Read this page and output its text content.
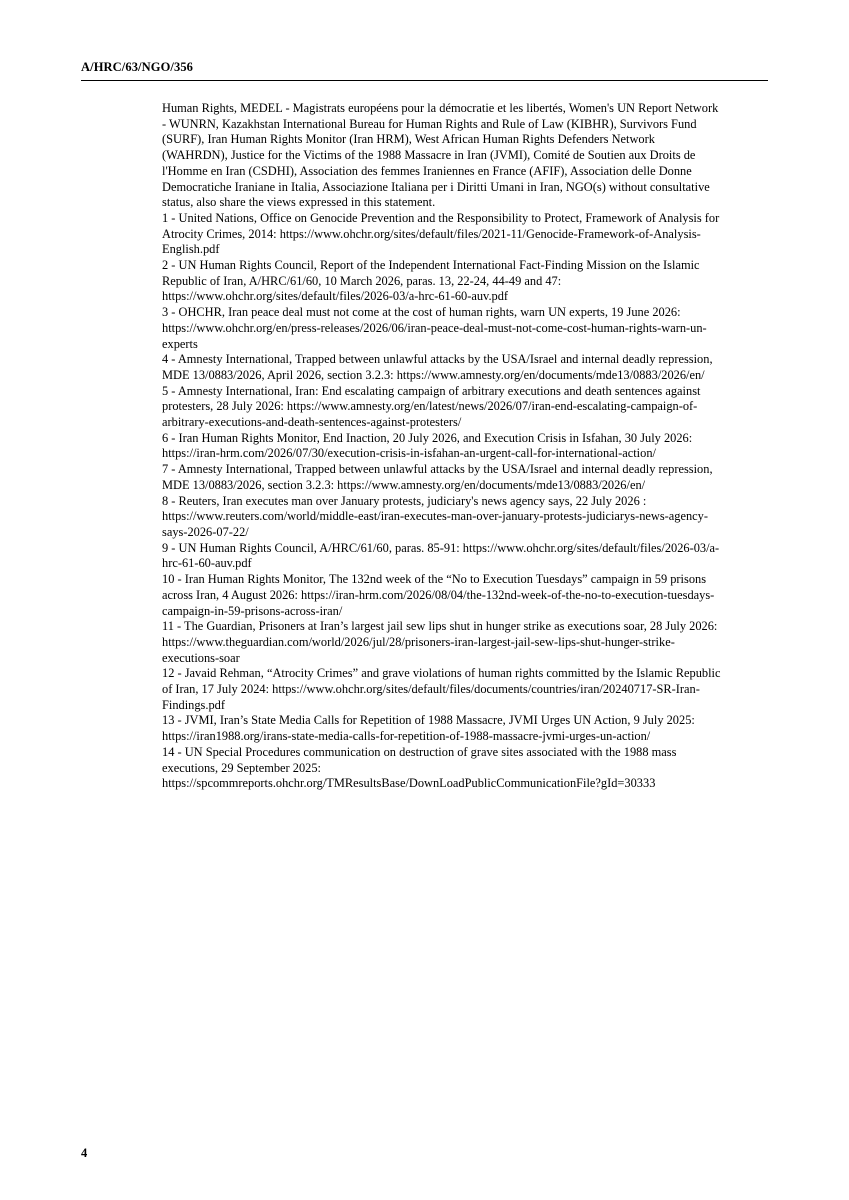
A/HRC/63/NGO/356

Human Rights, MEDEL - Magistrats européens pour la démocratie et les libertés, Women's UN Report Network - WUNRN, Kazakhstan International Bureau for Human Rights and Rule of Law (KIBHR), Survivors Fund (SURF), Iran Human Rights Monitor (Iran HRM), West African Human Rights Defenders Network (WAHRDN), Justice for the Victims of the 1988 Massacre in Iran (JVMI), Comité de Soutien aux Droits de l'Homme en Iran (CSDHI), Association des femmes Iraniennes en France (AFIF), Association delle Donne Democratiche Iraniane in Italia, Associazione Italiana per i Diritti Umani in Iran, NGO(s) without consultative status, also share the views expressed in this statement.

1 - United Nations, Office on Genocide Prevention and the Responsibility to Protect, Framework of Analysis for Atrocity Crimes, 2014: https://www.ohchr.org/sites/default/files/2021-11/Genocide-Framework-of-Analysis-English.pdf

2 - UN Human Rights Council, Report of the Independent International Fact-Finding Mission on the Islamic Republic of Iran, A/HRC/61/60, 10 March 2026, paras. 13, 22-24, 44-49 and 47: https://www.ohchr.org/sites/default/files/2026-03/a-hrc-61-60-auv.pdf

3 - OHCHR, Iran peace deal must not come at the cost of human rights, warn UN experts, 19 June 2026: https://www.ohchr.org/en/press-releases/2026/06/iran-peace-deal-must-not-come-cost-human-rights-warn-un-experts

4 - Amnesty International, Trapped between unlawful attacks by the USA/Israel and internal deadly repression, MDE 13/0883/2026, April 2026, section 3.2.3: https://www.amnesty.org/en/documents/mde13/0883/2026/en/

5 - Amnesty International, Iran: End escalating campaign of arbitrary executions and death sentences against protesters, 28 July 2026: https://www.amnesty.org/en/latest/news/2026/07/iran-end-escalating-campaign-of-arbitrary-executions-and-death-sentences-against-protesters/

6 - Iran Human Rights Monitor, End Inaction, 20 July 2026, and Execution Crisis in Isfahan, 30 July 2026: https://iran-hrm.com/2026/07/30/execution-crisis-in-isfahan-an-urgent-call-for-international-action/

7 - Amnesty International, Trapped between unlawful attacks by the USA/Israel and internal deadly repression, MDE 13/0883/2026, section 3.2.3: https://www.amnesty.org/en/documents/mde13/0883/2026/en/

8 - Reuters, Iran executes man over January protests, judiciary's news agency says, 22 July 2026 : https://www.reuters.com/world/middle-east/iran-executes-man-over-january-protests-judiciarys-news-agency-says-2026-07-22/

9 - UN Human Rights Council, A/HRC/61/60, paras. 85-91: https://www.ohchr.org/sites/default/files/2026-03/a-hrc-61-60-auv.pdf

10 - Iran Human Rights Monitor, The 132nd week of the “No to Execution Tuesdays” campaign in 59 prisons across Iran, 4 August 2026: https://iran-hrm.com/2026/08/04/the-132nd-week-of-the-no-to-execution-tuesdays-campaign-in-59-prisons-across-iran/

11 - The Guardian, Prisoners at Iran’s largest jail sew lips shut in hunger strike as executions soar, 28 July 2026: https://www.theguardian.com/world/2026/jul/28/prisoners-iran-largest-jail-sew-lips-shut-hunger-strike-executions-soar

12 - Javaid Rehman, “Atrocity Crimes” and grave violations of human rights committed by the Islamic Republic of Iran, 17 July 2024: https://www.ohchr.org/sites/default/files/documents/countries/iran/20240717-SR-Iran-Findings.pdf

13 - JVMI, Iran’s State Media Calls for Repetition of 1988 Massacre, JVMI Urges UN Action, 9 July 2025: https://iran1988.org/irans-state-media-calls-for-repetition-of-1988-massacre-jvmi-urges-un-action/

14 - UN Special Procedures communication on destruction of grave sites associated with the 1988 mass executions, 29 September 2025: https://spcommreports.ohchr.org/TMResultsBase/DownLoadPublicCommunicationFile?gId=30333

4
